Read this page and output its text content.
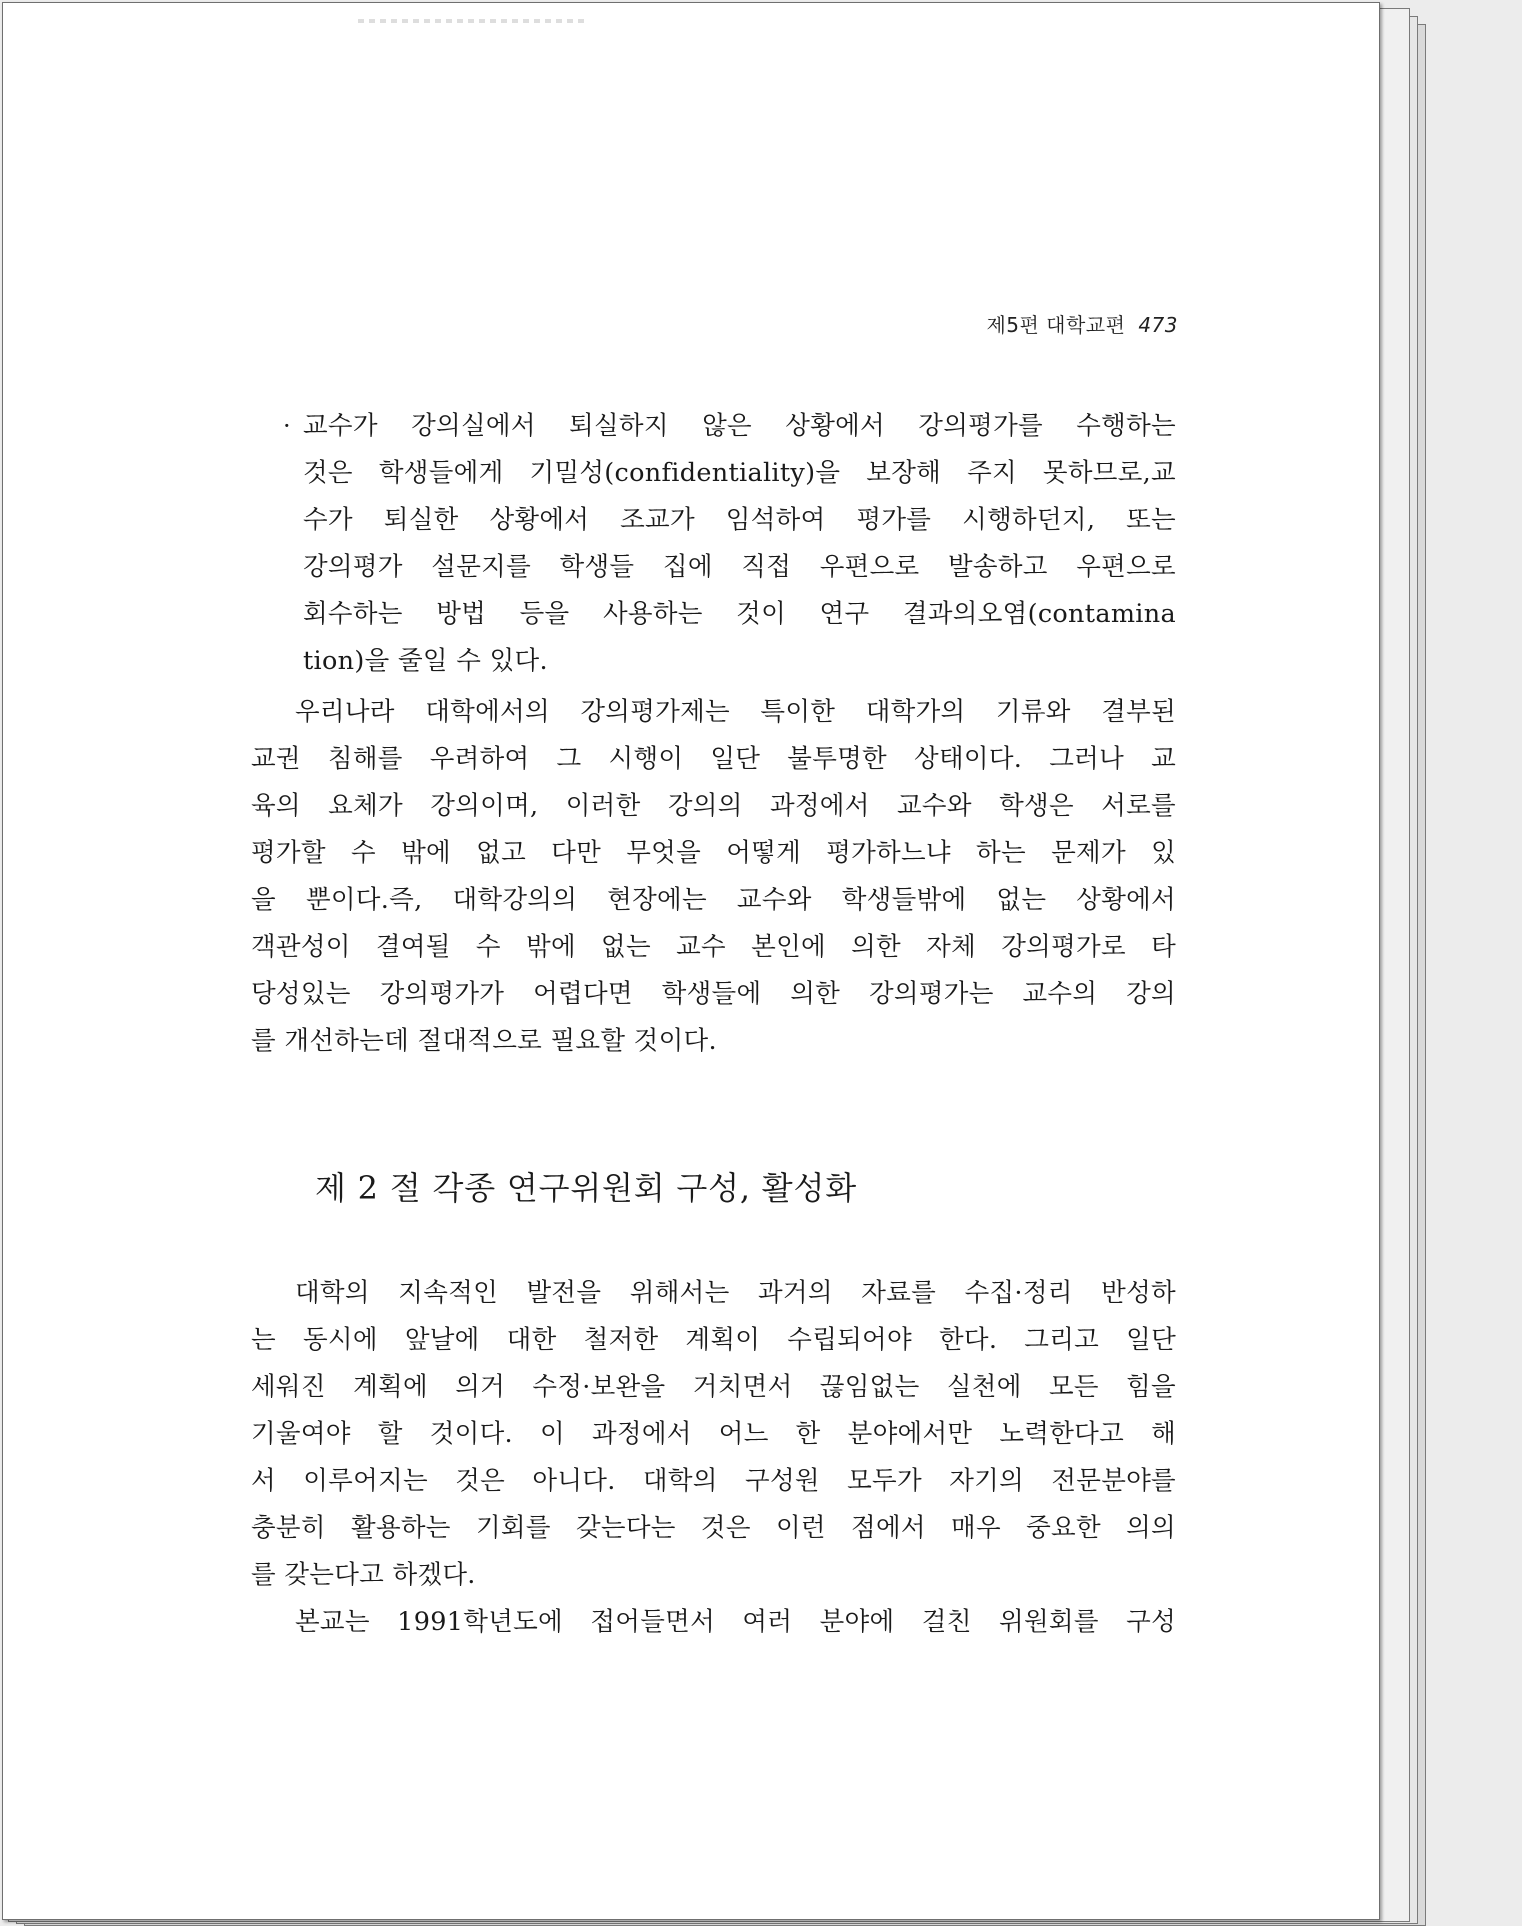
제5편 대학교편 473
· 교수가 강의실에서 퇴실하지 않은 상황에서 강의평가를 수행하는
것은 학생들에게 기밀성(confidentiality)을 보장해 주지 못하므로,교
수가 퇴실한 상황에서 조교가 임석하여 평가를 시행하던지, 또는
강의평가 설문지를 학생들 집에 직접 우편으로 발송하고 우편으로
회수하는 방법 등을 사용하는 것이 연구 결과의오염(contamina
tion)을 줄일 수 있다.
우리나라 대학에서의 강의평가제는 특이한 대학가의 기류와 결부된
교권 침해를 우려하여 그 시행이 일단 불투명한 상태이다. 그러나 교
육의 요체가 강의이며, 이러한 강의의 과정에서 교수와 학생은 서로를
평가할 수 밖에 없고 다만 무엇을 어떻게 평가하느냐 하는 문제가 있
을 뿐이다.즉, 대학강의의 현장에는 교수와 학생들밖에 없는 상황에서
객관성이 결여될 수 밖에 없는 교수 본인에 의한 자체 강의평가로 타
당성있는 강의평가가 어렵다면 학생들에 의한 강의평가는 교수의 강의
를 개선하는데 절대적으로 필요할 것이다.
제 2 절 각종 연구위원회 구성, 활성화
대학의 지속적인 발전을 위해서는 과거의 자료를 수집·정리 반성하
는 동시에 앞날에 대한 철저한 계획이 수립되어야 한다. 그리고 일단
세워진 계획에 의거 수정·보완을 거치면서 끊임없는 실천에 모든 힘을
기울여야 할 것이다. 이 과정에서 어느 한 분야에서만 노력한다고 해
서 이루어지는 것은 아니다. 대학의 구성원 모두가 자기의 전문분야를
충분히 활용하는 기회를 갖는다는 것은 이런 점에서 매우 중요한 의의
를 갖는다고 하겠다.
본교는 1991학년도에 접어들면서 여러 분야에 걸친 위원회를 구성
